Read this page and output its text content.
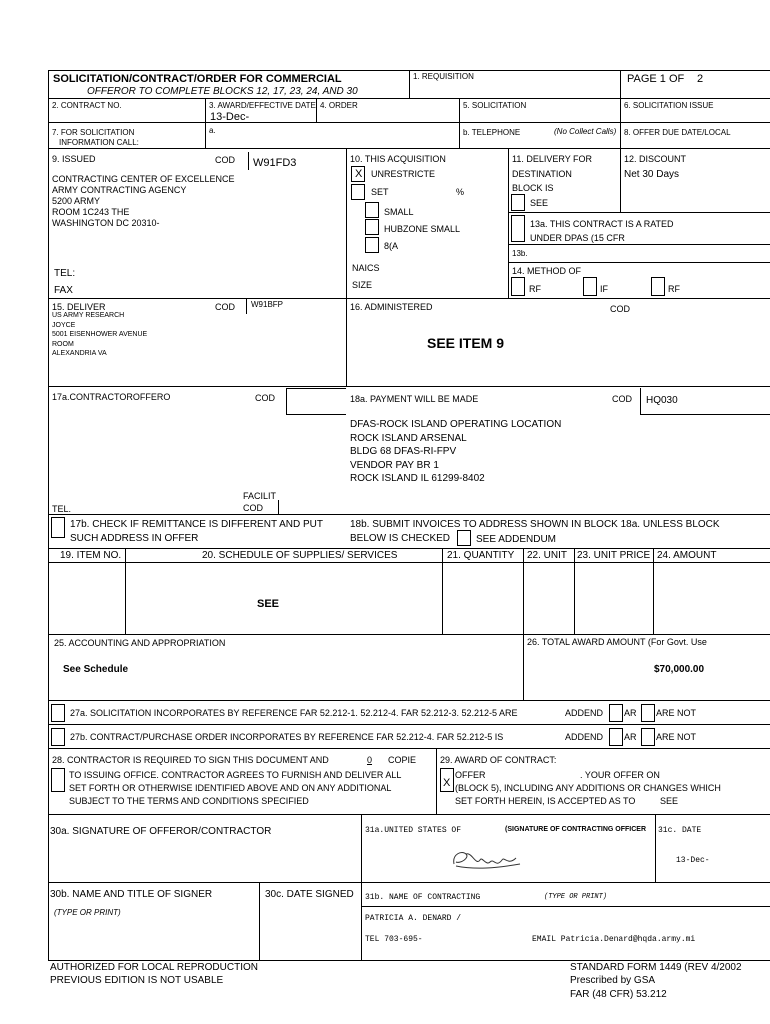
SOLICITATION/CONTRACT/ORDER FOR COMMERCIAL
OFFEROR TO COMPLETE BLOCKS 12, 17, 23, 24, AND 30
1. REQUISITION	PAGE 1 OF 2
2. CONTRACT NO.	3. AWARD/EFFECTIVE DATE
13-Dec-
4. ORDER	5. SOLICITATION	6. SOLICITATION ISSUE
7. FOR SOLICITATION
INFORMATION CALL:
a.	b. TELEPHONE	(No Collect Calls) 8. OFFER DUE DATE/LOCAL
9. ISSUED	COD W91FD3
CONTRACTING CENTER OF EXCELLENCE
ARMY CONTRACTING AGENCY
5200 ARMY
ROOM 1C243 THE
WASHINGTON DC 20310-
TEL:
FAX
10. THIS ACQUISITION
X UNRESTRICTE
SET	%
SMALL
HUBZONE SMALL
8(A
NAICS
SIZE
11. DELIVERY FOR
DESTINATION
BLOCK IS
SEE
12. DISCOUNT
Net 30 Days
13a. THIS CONTRACT IS A RATED
UNDER DPAS (15 CFR
13b.
14. METHOD OF
RF	IF	RF
15. DELIVER	COD W91BFP
US ARMY RESEARCH
JOYCE
5001 EISENHOWER AVENUE
ROOM
ALEXANDRIA VA
16. ADMINISTERED	COD
SEE ITEM 9
17a.CONTRACTOROFFERO	COD
FACILIT
COD
TEL.
17b. CHECK IF REMITTANCE IS DIFFERENT AND PUT
SUCH ADDRESS IN OFFER
18a. PAYMENT WILL BE MADE	COD HQ030
DFAS-ROCK ISLAND OPERATING LOCATION
ROCK ISLAND ARSENAL
BLDG 68 DFAS-RI-FPV
VENDOR PAY BR 1
ROCK ISLAND IL 61299-8402
18b. SUBMIT INVOICES TO ADDRESS SHOWN IN BLOCK 18a. UNLESS BLOCK
BELOW IS CHECKED	SEE ADDENDUM
19. ITEM NO.	20. SCHEDULE OF SUPPLIES/ SERVICES	21. QUANTITY 22. UNIT 23. UNIT PRICE 24. AMOUNT
SEE
25. ACCOUNTING AND APPROPRIATION
See Schedule
26. TOTAL AWARD AMOUNT (For Govt. Use
$70,000.00
27a. SOLICITATION INCORPORATES BY REFERENCE FAR 52.212-1. 52.212-4. FAR 52.212-3. 52.212-5 ARE	ADDEND AR ARE NOT
27b. CONTRACT/PURCHASE ORDER INCORPORATES BY REFERENCE FAR 52.212-4. FAR 52.212-5 IS	ADDEND AR ARE NOT
28. CONTRACTOR IS REQUIRED TO SIGN THIS DOCUMENT AND	0 COPIE
TO ISSUING OFFICE. CONTRACTOR AGREES TO FURNISH AND DELIVER ALL
SET FORTH OR OTHERWISE IDENTIFIED ABOVE AND ON ANY ADDITIONAL
SUBJECT TO THE TERMS AND CONDITIONS SPECIFIED
29. AWARD OF CONTRACT:
X
OFFER	. YOUR OFFER ON
(BLOCK 5), INCLUDING ANY ADDITIONS OR CHANGES WHICH
SET FORTH HEREIN, IS ACCEPTED AS TO	SEE
30a. SIGNATURE OF OFFEROR/CONTRACTOR	31a.UNITED STATES OF	(SIGNATURE OF CONTRACTING OFFICER 31c. DATE
13-Dec-
30b. NAME AND TITLE OF SIGNER
(TYPE OR PRINT)
30c. DATE SIGNED 31b. NAME OF CONTRACTING	(TYPE OR PRINT)
PATRICIA A. DENARD /
TEL 703-695-	EMAIL Patricia.Denard@hqda.army.mi
AUTHORIZED FOR LOCAL REPRODUCTION
PREVIOUS EDITION IS NOT USABLE
STANDARD FORM 1449 (REV 4/2002
Prescribed by GSA
FAR (48 CFR) 53.212
